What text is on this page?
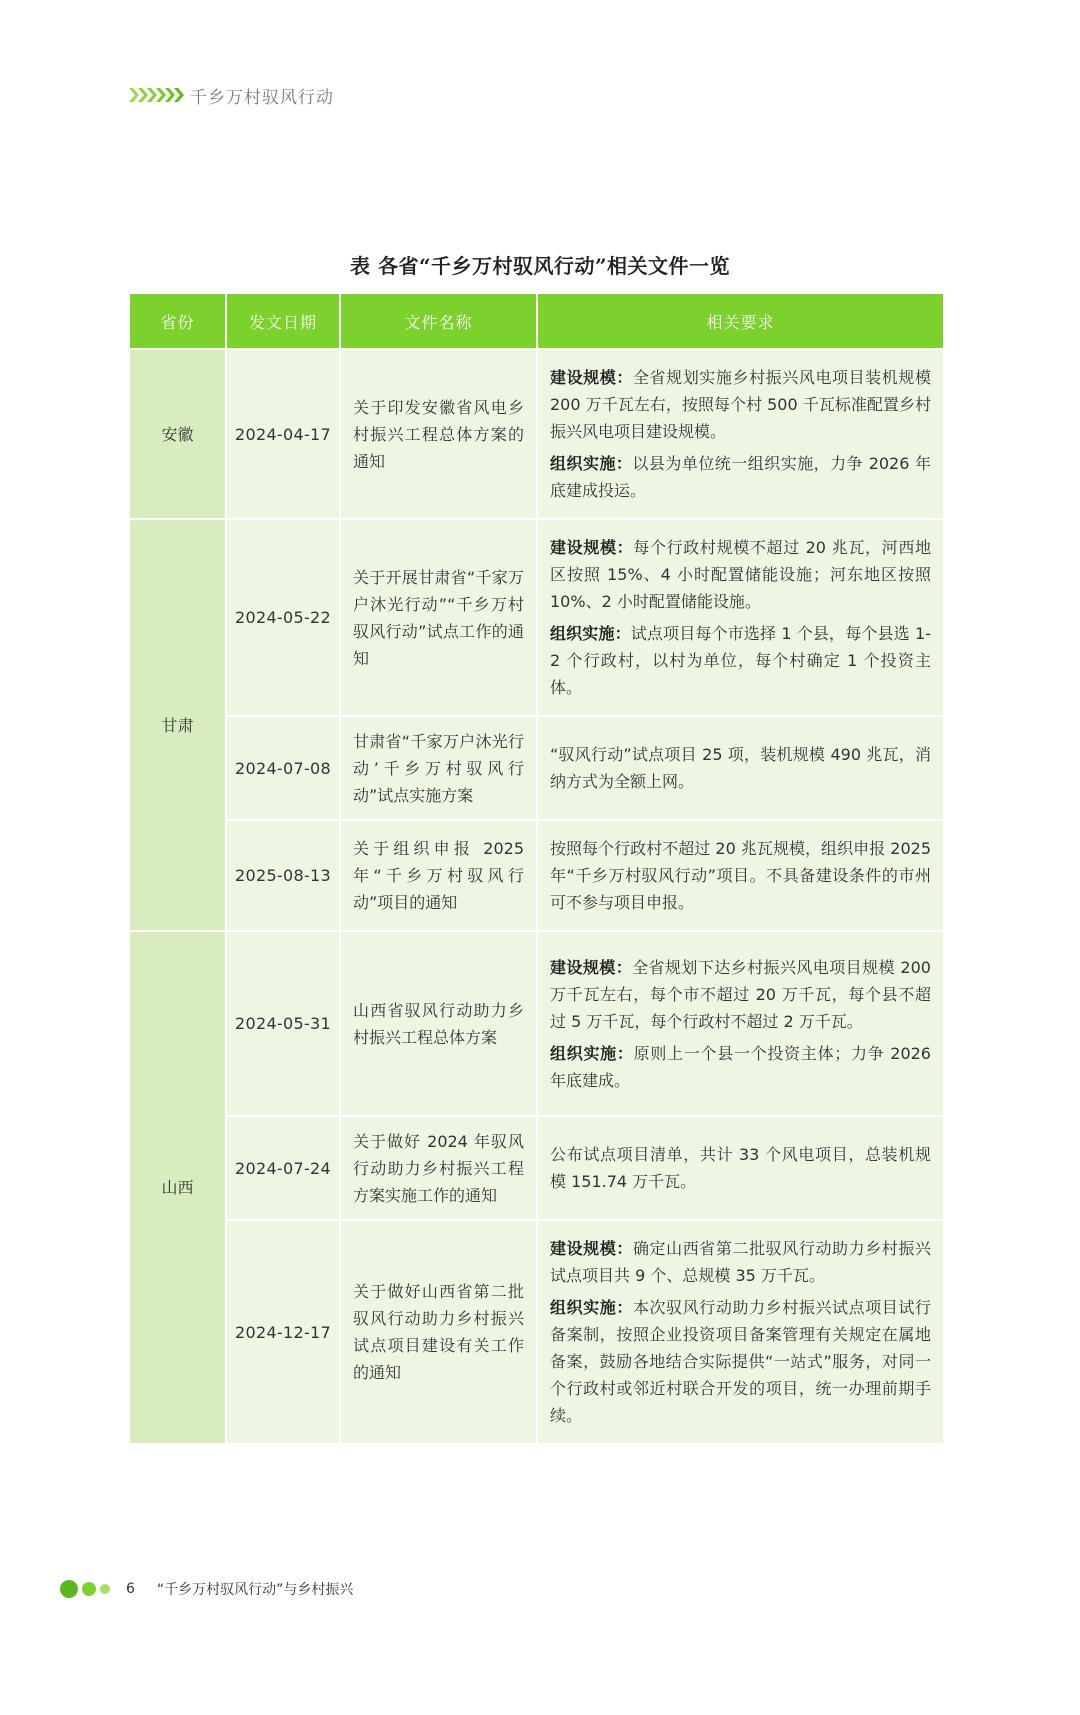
千乡万村驭风行动
表 各省“千乡万村驭风行动”相关文件一览
省份	发文日期	文件名称	相关要求
安徽	2024-04-17	关于印发安徽省风电乡村振兴工程总体方案的通知	建设规模：全省规划实施乡村振兴风电项目装机规模 200 万千瓦左右，按照每个村 500 千瓦标准配置乡村振兴风电项目建设规模。

组织实施：以县为单位统一组织实施，力争 2026 年底建成投运。

甘肃	2024-05-22	关于开展甘肃省“千家万户沐光行动”“千乡万村驭风行动”试点工作的通知	建设规模：每个行政村规模不超过 20 兆瓦，河西地区按照 15%、4 小时配置储能设施；河东地区按照 10%、2 小时配置储能设施。

组织实施：试点项目每个市选择 1 个县，每个县选 1-2 个行政村，以村为单位，每个村确定 1 个投资主体。

	2024-07-08	甘肃省“千家万户沐光行动’千乡万村驭风行动”试点实施方案	“驭风行动”试点项目 25 项，装机规模 490 兆瓦，消纳方式为全额上网。

	2025-08-13	关于组织申报 2025 年“千乡万村驭风行动”项目的通知	按照每个行政村不超过 20 兆瓦规模，组织申报 2025 年“千乡万村驭风行动”项目。不具备建设条件的市州可不参与项目申报。

山西	2024-05-31	山西省驭风行动助力乡村振兴工程总体方案	建设规模：全省规划下达乡村振兴风电项目规模 200 万千瓦左右，每个市不超过 20 万千瓦，每个县不超过 5 万千瓦，每个行政村不超过 2 万千瓦。

组织实施：原则上一个县一个投资主体；力争 2026 年底建成。

	2024-07-24	关于做好 2024 年驭风行动助力乡村振兴工程方案实施工作的通知	公布试点项目清单，共计 33 个风电项目，总装机规模 151.74 万千瓦。

	2024-12-17	关于做好山西省第二批驭风行动助力乡村振兴试点项目建设有关工作的通知	建设规模：确定山西省第二批驭风行动助力乡村振兴试点项目共 9 个、总规模 35 万千瓦。

组织实施：本次驭风行动助力乡村振兴试点项目试行备案制，按照企业投资项目备案管理有关规定在属地备案，鼓励各地结合实际提供“一站式”服务，对同一个行政村或邻近村联合开发的项目，统一办理前期手续。

6 “千乡万村驭风行动”与乡村振兴
